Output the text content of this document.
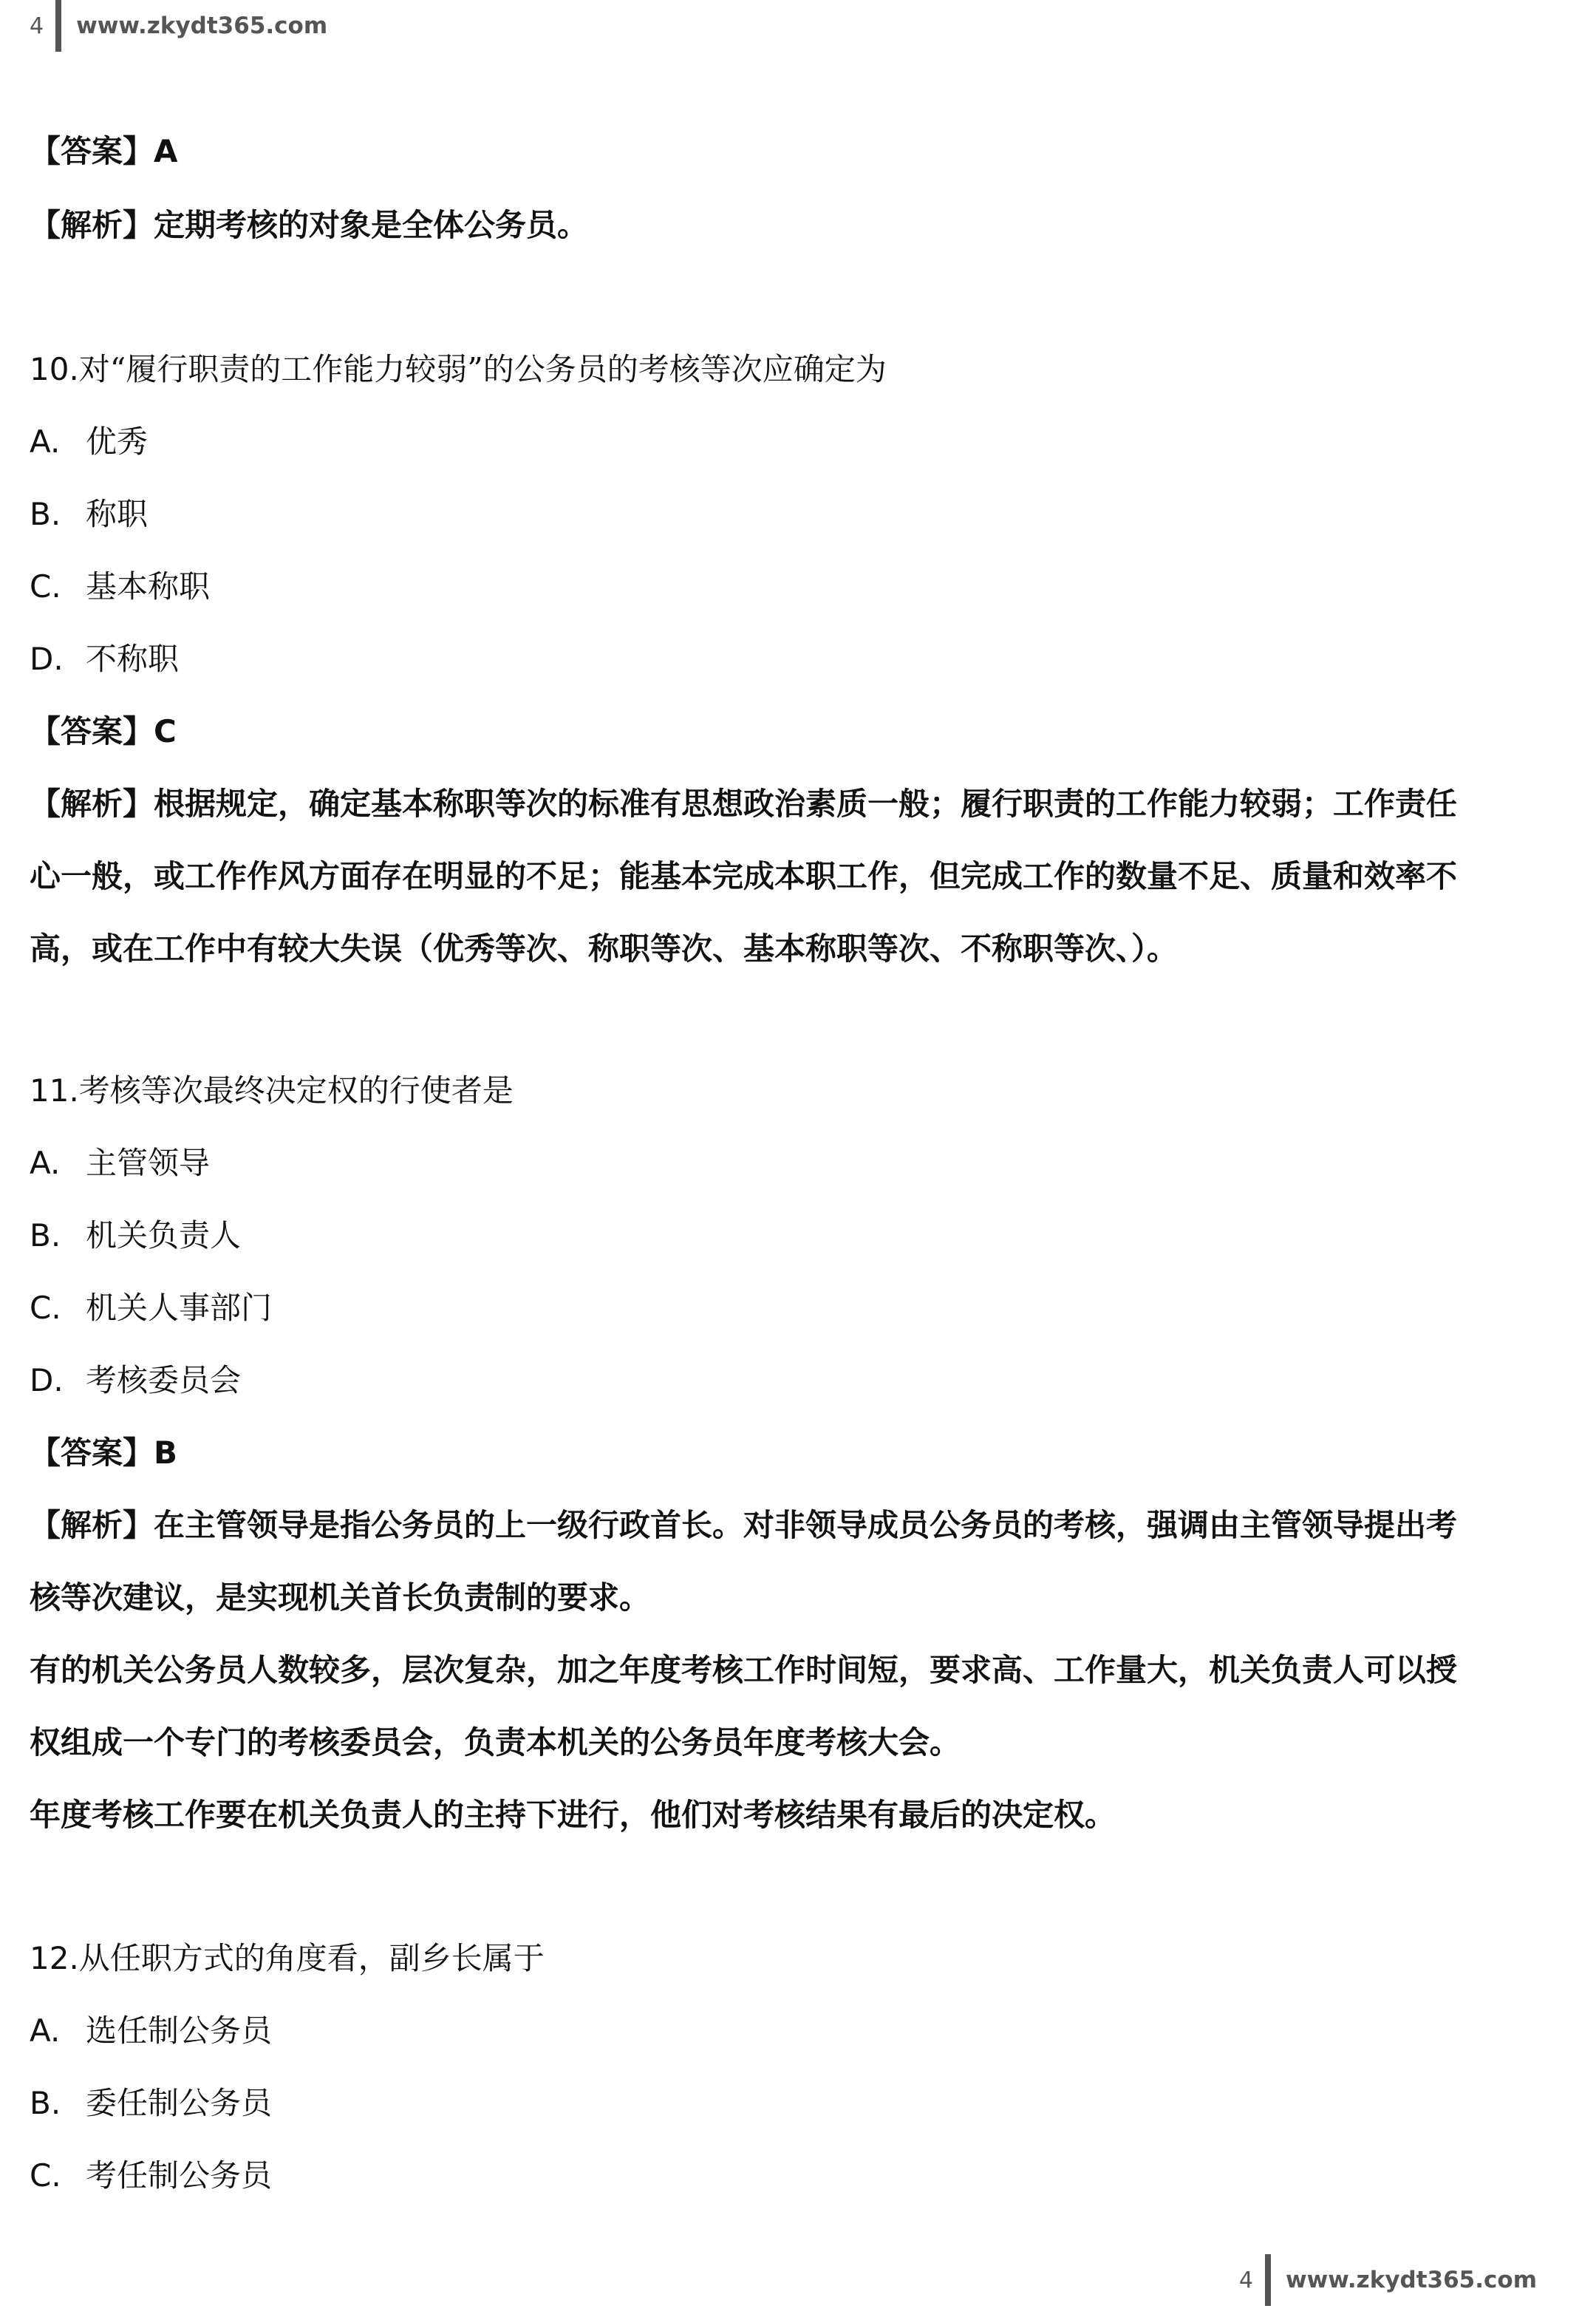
4 www.zkydt365.com
【答案】A
【解析】定期考核的对象是全体公务员。
10.对“履行职责的工作能力较弱”的公务员的考核等次应确定为
A. 优秀
B. 称职
C. 基本称职
D. 不称职
【答案】C
【解析】根据规定，确定基本称职等次的标准有思想政治素质一般；履行职责的工作能力较弱；工作责任
心一般，或工作作风方面存在明显的不足；能基本完成本职工作，但完成工作的数量不足、质量和效率不
高，或在工作中有较大失误（优秀等次、称职等次、基本称职等次、不称职等次、）。
11.考核等次最终决定权的行使者是
A. 主管领导
B. 机关负责人
C. 机关人事部门
D. 考核委员会
【答案】B
【解析】在主管领导是指公务员的上一级行政首长。对非领导成员公务员的考核，强调由主管领导提出考
核等次建议，是实现机关首长负责制的要求。
有的机关公务员人数较多，层次复杂，加之年度考核工作时间短，要求高、工作量大，机关负责人可以授
权组成一个专门的考核委员会，负责本机关的公务员年度考核大会。
年度考核工作要在机关负责人的主持下进行，他们对考核结果有最后的决定权。
12.从任职方式的角度看，副乡长属于
A. 选任制公务员
B. 委任制公务员
C. 考任制公务员
4 www.zkydt365.com
